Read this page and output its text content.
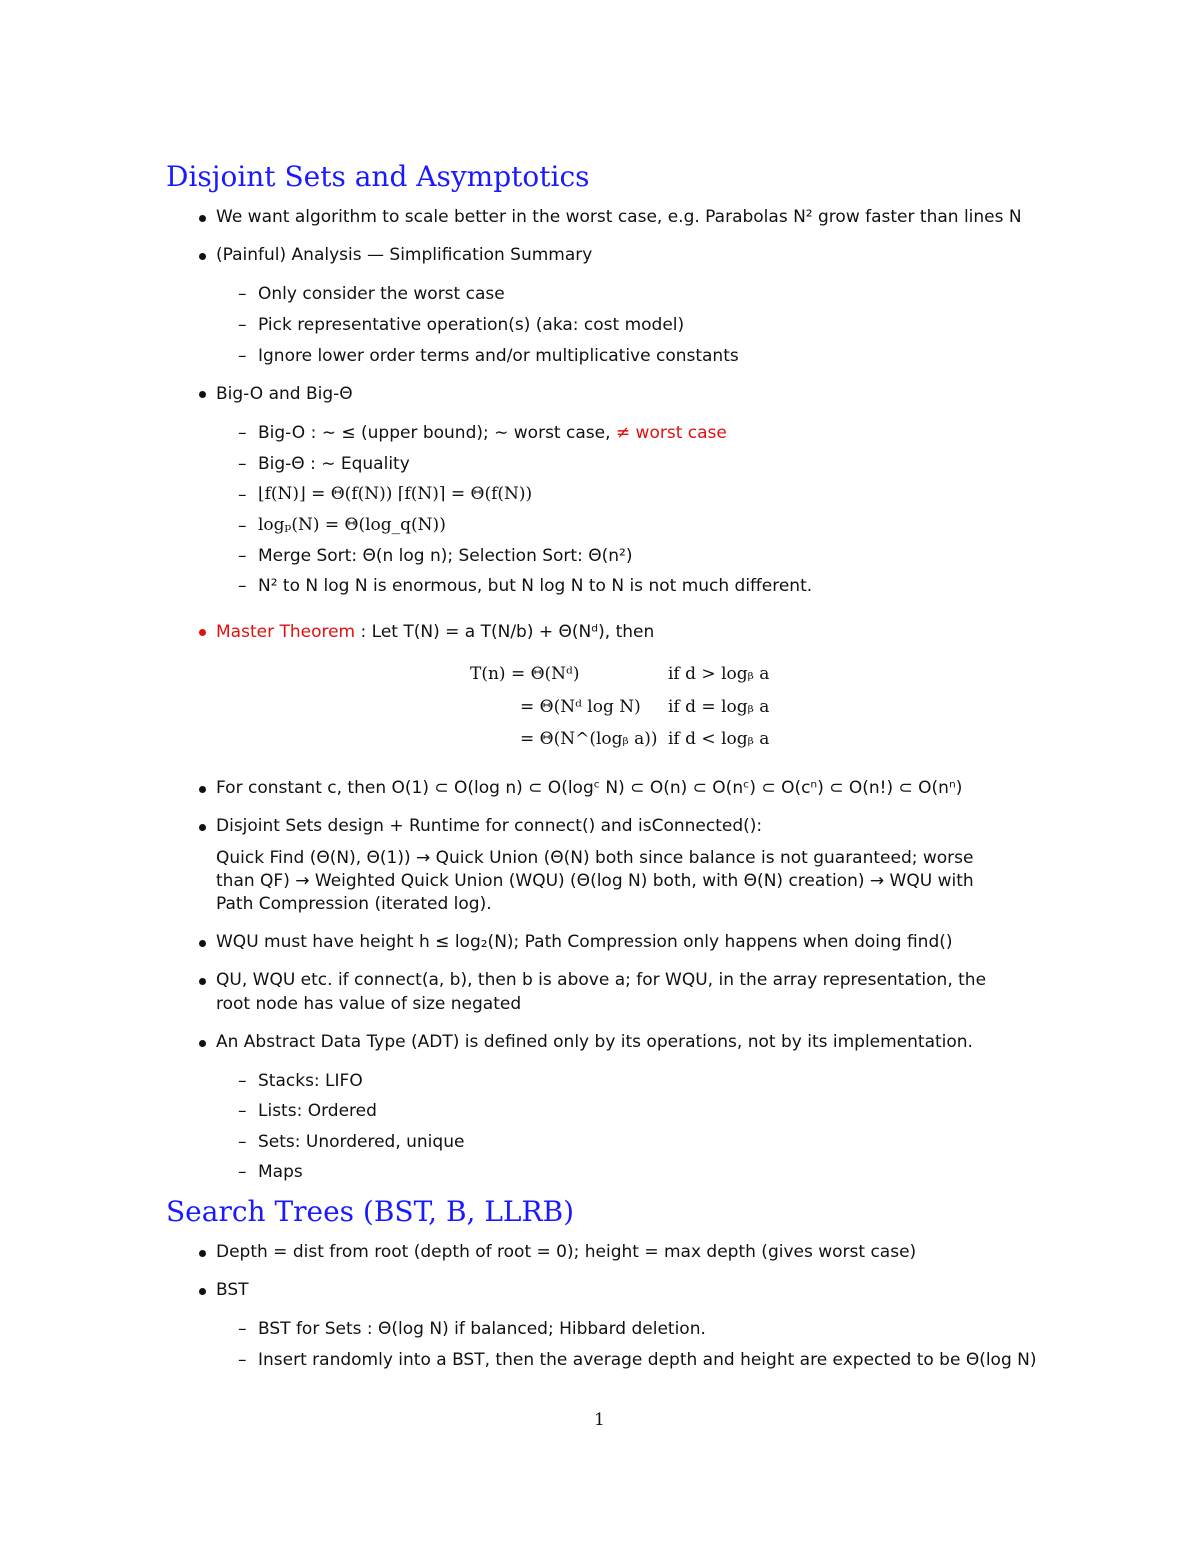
Disjoint Sets and Asymptotics
We want algorithm to scale better in the worst case, e.g. Parabolas N² grow faster than lines N
(Painful) Analysis — Simplification Summary
– Only consider the worst case
– Pick representative operation(s) (aka: cost model)
– Ignore lower order terms and/or multiplicative constants
Big-O and Big-Θ
– Big-O : ∼ ≤ (upper bound); ∼ worst case, ≠ worst case
– Big-Θ : ∼ Equality
– ⌊f(N)⌋ = Θ(f(N)) ⌈f(N)⌉ = Θ(f(N))
– logₚ(N) = Θ(log_q(N))
– Merge Sort: Θ(n log n); Selection Sort: Θ(n²)
– N² to N log N is enormous, but N log N to N is not much different.
Master Theorem : Let T(N) = a T(N/b) + Θ(Nᵈ), then
T(n) = Θ(Nᵈ)	if d > logᵦ a
= Θ(Nᵈ log N) if d = logᵦ a
= Θ(N^(logᵦ a)) if d < logᵦ a
For constant c, then O(1) ⊂ O(log n) ⊂ O(logᶜ N) ⊂ O(n) ⊂ O(nᶜ) ⊂ O(cⁿ) ⊂ O(n!) ⊂ O(nⁿ)
Disjoint Sets design + Runtime for connect() and isConnected():
Quick Find (Θ(N), Θ(1)) → Quick Union (Θ(N) both since balance is not guaranteed; worse
than QF) → Weighted Quick Union (WQU) (Θ(log N) both, with Θ(N) creation) → WQU with
Path Compression (iterated log).
WQU must have height h ≤ log₂(N); Path Compression only happens when doing find()
QU, WQU etc. if connect(a, b), then b is above a; for WQU, in the array representation, the
root node has value of size negated
An Abstract Data Type (ADT) is defined only by its operations, not by its implementation.
– Stacks: LIFO
– Lists: Ordered
– Sets: Unordered, unique
– Maps
Search Trees (BST, B, LLRB)
Depth = dist from root (depth of root = 0); height = max depth (gives worst case)
BST
– BST for Sets : Θ(log N) if balanced; Hibbard deletion.
– Insert randomly into a BST, then the average depth and height are expected to be Θ(log N)
1
